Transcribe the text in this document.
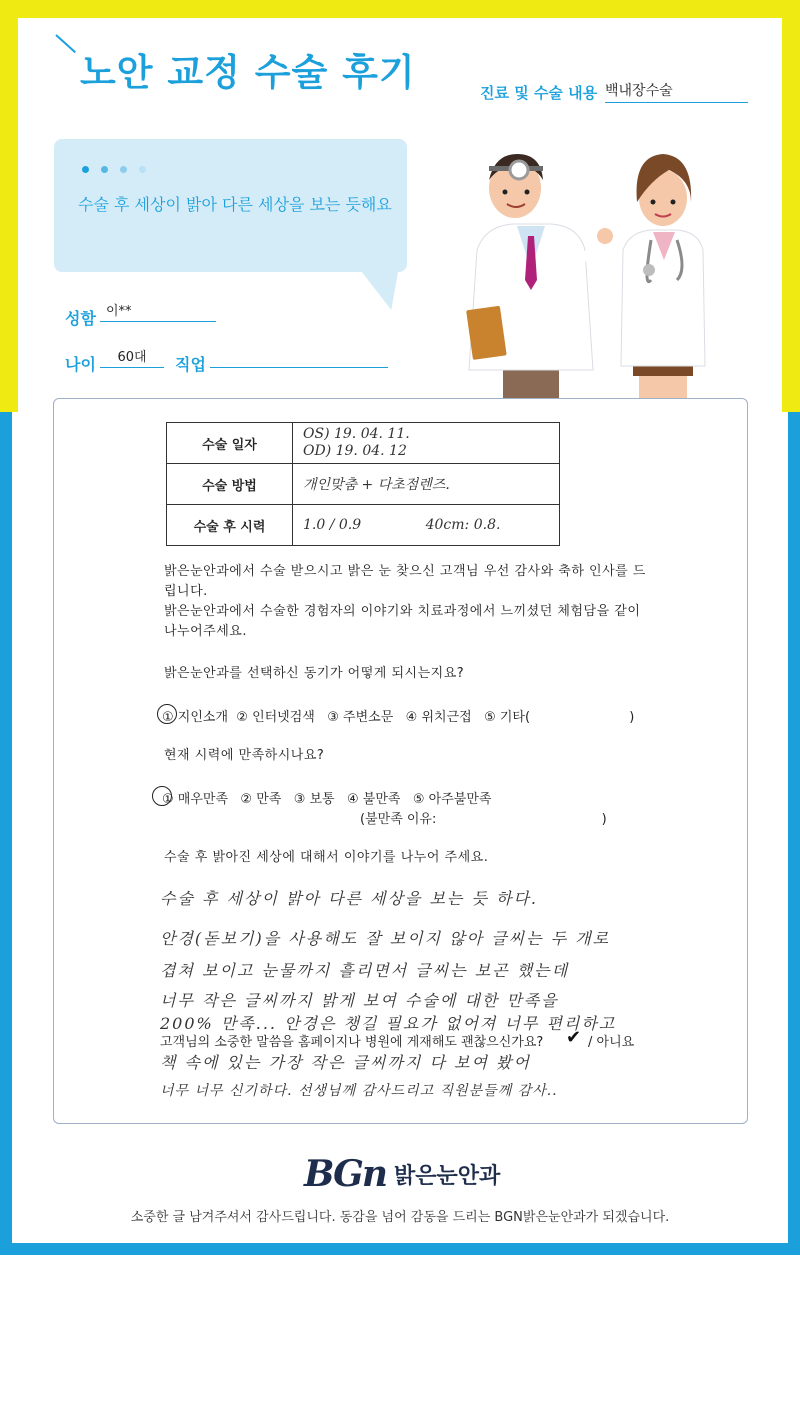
노안 교정 수술 후기	진료 및 수술 내용 백내장수술
수술 후 세상이 밝아 다른 세상을 보는 듯해요
성함 이**
나이	60대	직업
수술 일자	OS) 19. 04. 11.
OD) 19. 04. 12

수술 방법	개인맞춤 + 다초점렌즈.
수술 후 시력	1.0 / 0.9 40cm: 0.8.
밝은눈안과에서 수술 받으시고 밝은 눈 찾으신 고객님 우선 감사와 축하 인사를 드
립니다.
밝은눈안과에서 수술한 경험자의 이야기와 치료과정에서 느끼셨던 체험담을 같이
나누어주세요.
밝은눈안과를 선택하신 동기가 어떻게 되시는지요?
① 지인소개  ② 인터넷검색   ③ 주변소문   ④ 위치근접   ⑤ 기타(                        )
현재 시력에 만족하시나요?
① 매우만족   ② 만족   ③ 보통   ④ 불만족   ⑤ 아주불만족
(불만족 이유:                                        )
수술 후 밝아진 세상에 대해서 이야기를 나누어 주세요.
수술 후 세상이 밝아 다른 세상을 보는 듯 하다.
안경(돋보기)을 사용해도 잘 보이지 않아 글씨는 두 개로
겹쳐 보이고 눈물까지 흘리면서 글씨는 보곤 했는데
너무 작은 글씨까지 밝게 보여 수술에 대한 만족을
200% 만족... 안경은 챙길 필요가 없어져 너무 편리하고
고객님의 소중한 말씀을 홈페이지나 병원에 게재해도 괜찮으신가요? ✔ / 아니요
책 속에 있는 가장 작은 글씨까지 다 보여 봤어
너무 너무 신기하다. 선생님께 감사드리고 직원분들께 감사..
BGn 밝은눈안과
소중한 글 남겨주셔서 감사드립니다. 동감을 넘어 감동을 드리는 BGN밝은눈안과가 되겠습니다.
